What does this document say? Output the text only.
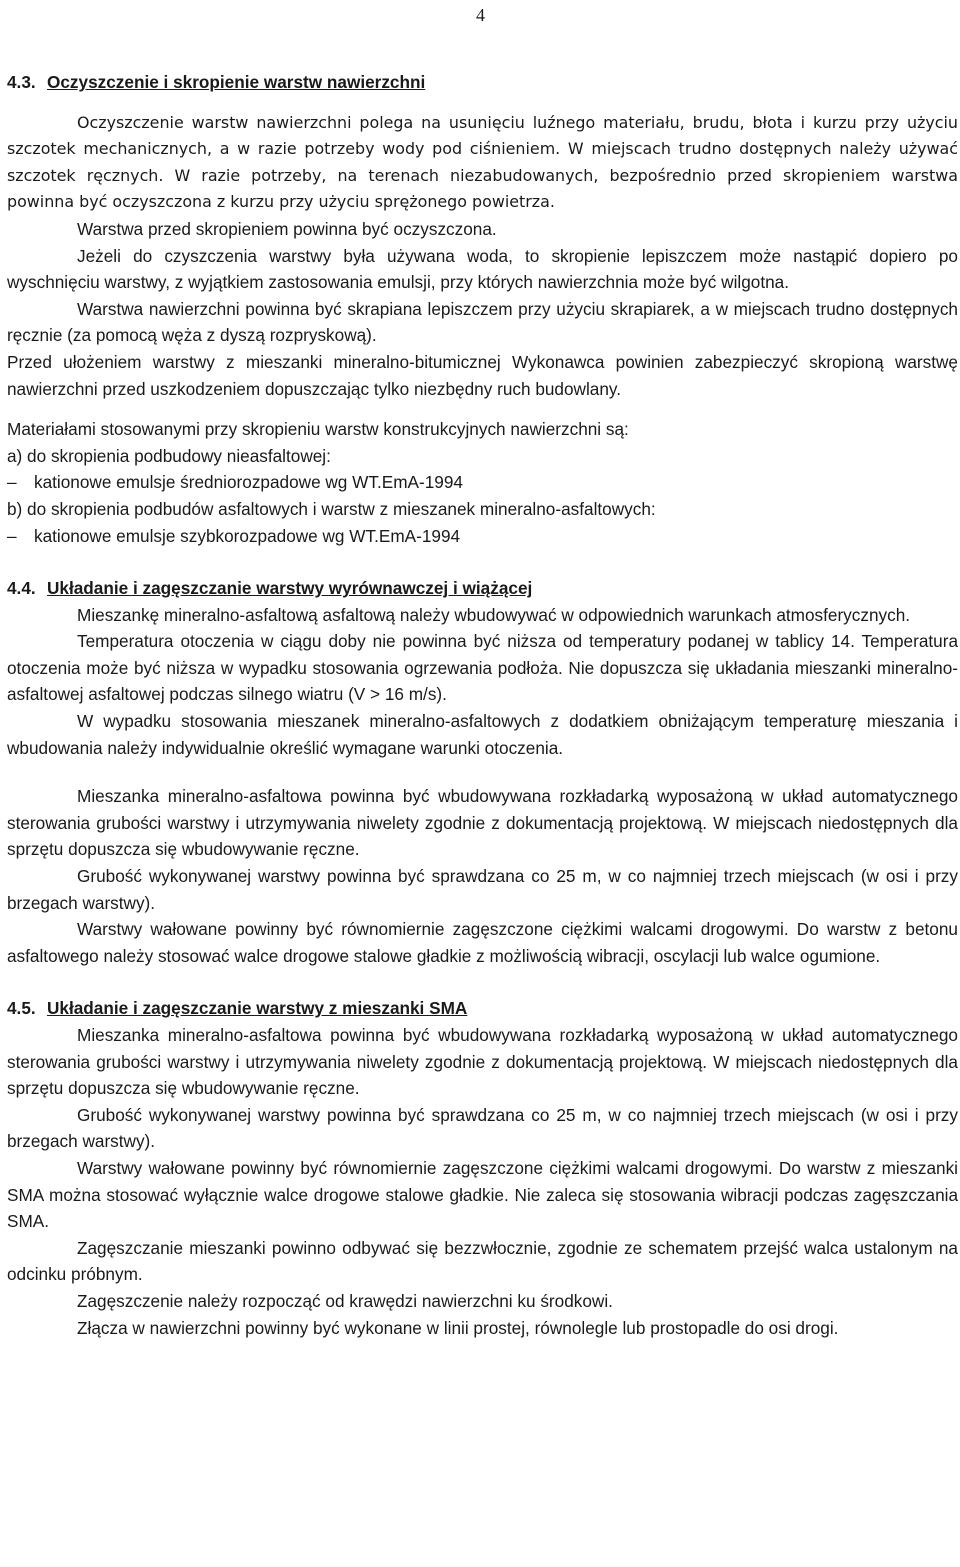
4
4.3. Oczyszczenie i skropienie warstw nawierzchni

Oczyszczenie warstw nawierzchni polega na usunięciu luźnego materiału, brudu, błota i kurzu przy użyciu szczotek mechanicznych, a w razie potrzeby wody pod ciśnieniem. W miejscach trudno dostępnych należy używać szczotek ręcznych. W razie potrzeby, na terenach niezabudowanych, bezpośrednio przed skropieniem warstwa powinna być oczyszczona z kurzu przy użyciu sprężonego powietrza.

Warstwa przed skropieniem powinna być oczyszczona.

Jeżeli do czyszczenia warstwy była używana woda, to skropienie lepiszczem może nastąpić dopiero po wyschnięciu warstwy, z wyjątkiem zastosowania emulsji, przy których nawierzchnia może być wilgotna.

Warstwa nawierzchni powinna być skrapiana lepiszczem przy użyciu skrapiarek, a w miejscach trudno dostępnych ręcznie (za pomocą węża z dyszą rozpryskową).

Przed ułożeniem warstwy z mieszanki mineralno-bitumicznej Wykonawca powinien zabezpieczyć skropioną warstwę nawierzchni przed uszkodzeniem dopuszczając tylko niezbędny ruch budowlany.

Materiałami stosowanymi przy skropieniu warstw konstrukcyjnych nawierzchni są:

a) do skropienia podbudowy nieasfaltowej:

–	kationowe emulsje średniorozpadowe wg WT.EmA-1994

b) do skropienia podbudów asfaltowych i warstw z mieszanek mineralno-asfaltowych:

–	kationowe emulsje szybkorozpadowe wg WT.EmA-1994
4.4. Układanie i zagęszczanie warstwy wyrównawczej i wiążącej

Mieszankę mineralno-asfaltową asfaltową należy wbudowywać w odpowiednich warunkach atmosferycznych.

Temperatura otoczenia w ciągu doby nie powinna być niższa od temperatury podanej w tablicy 14. Temperatura otoczenia może być niższa w wypadku stosowania ogrzewania podłoża. Nie dopuszcza się układania mieszanki mineralno-asfaltowej asfaltowej podczas silnego wiatru (V > 16 m/s).

W wypadku stosowania mieszanek mineralno-asfaltowych z dodatkiem obniżającym temperaturę mieszania i wbudowania należy indywidualnie określić wymagane warunki otoczenia.

Mieszanka mineralno-asfaltowa powinna być wbudowywana rozkładarką wyposażoną w układ automatycznego sterowania grubości warstwy i utrzymywania niwelety zgodnie z dokumentacją projektową. W miejscach niedostępnych dla sprzętu dopuszcza się wbudowywanie ręczne.

Grubość wykonywanej warstwy powinna być sprawdzana co 25 m, w co najmniej trzech miejscach (w osi i przy brzegach warstwy).

Warstwy wałowane powinny być równomiernie zagęszczone ciężkimi walcami drogowymi. Do warstw z betonu asfaltowego należy stosować walce drogowe stalowe gładkie z możliwością wibracji, oscylacji lub walce ogumione.

4.5. Układanie i zagęszczanie warstwy z mieszanki SMA

Mieszanka mineralno-asfaltowa powinna być wbudowywana rozkładarką wyposażoną w układ automatycznego sterowania grubości warstwy i utrzymywania niwelety zgodnie z dokumentacją projektową. W miejscach niedostępnych dla sprzętu dopuszcza się wbudowywanie ręczne.

Grubość wykonywanej warstwy powinna być sprawdzana co 25 m, w co najmniej trzech miejscach (w osi i przy brzegach warstwy).

Warstwy wałowane powinny być równomiernie zagęszczone ciężkimi walcami drogowymi. Do warstw z mieszanki SMA można stosować wyłącznie walce drogowe stalowe gładkie. Nie zaleca się stosowania wibracji podczas zagęszczania SMA.

Zagęszczanie mieszanki powinno odbywać się bezzwłocznie, zgodnie ze schematem przejść walca ustalonym na odcinku próbnym.

Zagęszczenie należy rozpocząć od krawędzi nawierzchni ku środkowi.

Złącza w nawierzchni powinny być wykonane w linii prostej, równolegle lub prostopadle do osi drogi.
